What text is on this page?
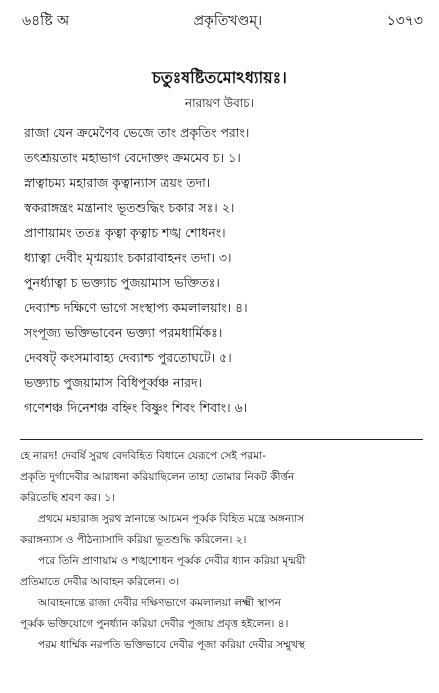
৬৪ষ্টি অ	প্রকৃতিখণ্ডম্।	১৩৭৩
চতুঃষষ্টিতমোঽধ্যায়ঃ।
নারায়ণ উবাচ।
রাজা যেন ক্রমেণৈব ভেজে তাং প্রকৃতিং পরাং।
তৎশ্রূয়তাং মহাভাগ বেদোক্তং ক্রমমেব চ। ১।
স্নাত্বাচম্য মহারাজ কৃত্বান্যাস ত্রয়ং তদা।
স্বকরাঙ্গন্ত্রং মন্ত্রানাং ভূতশুদ্ধিং চকার সঃ। ২।
প্রাণায়ামং ততঃ কৃত্বা কৃত্বাচ শঙ্খ শোধনং।
ধ্যাত্বা দেবীং মৃণ্ময়্যাং চকারাবাহনং তদা। ৩।
পুনর্ধ্যাত্বা চ ভক্ত্যাচ পুজয়ামাস ভক্তিতঃ।
দেব্যাশ্চ দক্ষিণে ভাগে সংস্থাপ্য কমলালয়াং। ৪।
সংপূজ্য ভক্তিভাবেন ভক্ত্যা পরমধার্মিকঃ।
দেবষট্ কংসমাবাহ্য দেব্যাশ্চ পুরতোঘটে। ৫।
ভক্ত্যাচ পুজয়ামাস বিধিপূর্ব্বঞ্চ নারদ।
গণেশঞ্চ দিনেশঞ্চ বহ্নিং বিষ্ণুং শিবং শিবাং। ৬।
হে নারদ! দেবর্ষি সুরথ বেদবিহিত বিধানে যেরূপে সেই পরমা-
প্রকৃতি দুর্গাদেবীর আরাধনা করিয়াছিলেন তাহা তোমার নিকট কীর্ত্তন
করিতেছি শ্রবণ কর। ১।
প্রথমে মহারাজ সুরথ স্নানান্তে আচমন পূর্ব্বক বিহিত মন্ত্রে অঙ্গন্যাস
করাঙ্গন্যাস ও পীঠন্যাসাদি করিয়া ভূতশুদ্ধি করিলেন। ২।
পরে তিনি প্রাণায়াম ও শঙ্খশোধন পূর্ব্বক দেবীর ধ্যান করিয়া মৃন্ময়ী
প্রতিমাতে দেবীর আবাহন করিলেন। ৩।
আবাহনান্তে রাজা দেবীর দক্ষিণভাগে কমলালয়া লক্ষ্মী স্থাপন
পূর্ব্বক ভক্তিযোগে পুনর্ধ্যান করিয়া দেবীর পূজায় প্রবৃত্ত হইলেন। ৪।
পরম ধার্ম্মিক নরপতি ভক্তিভাবে দেবীর পূজা করিয়া দেবীর সম্মুখস্থ
